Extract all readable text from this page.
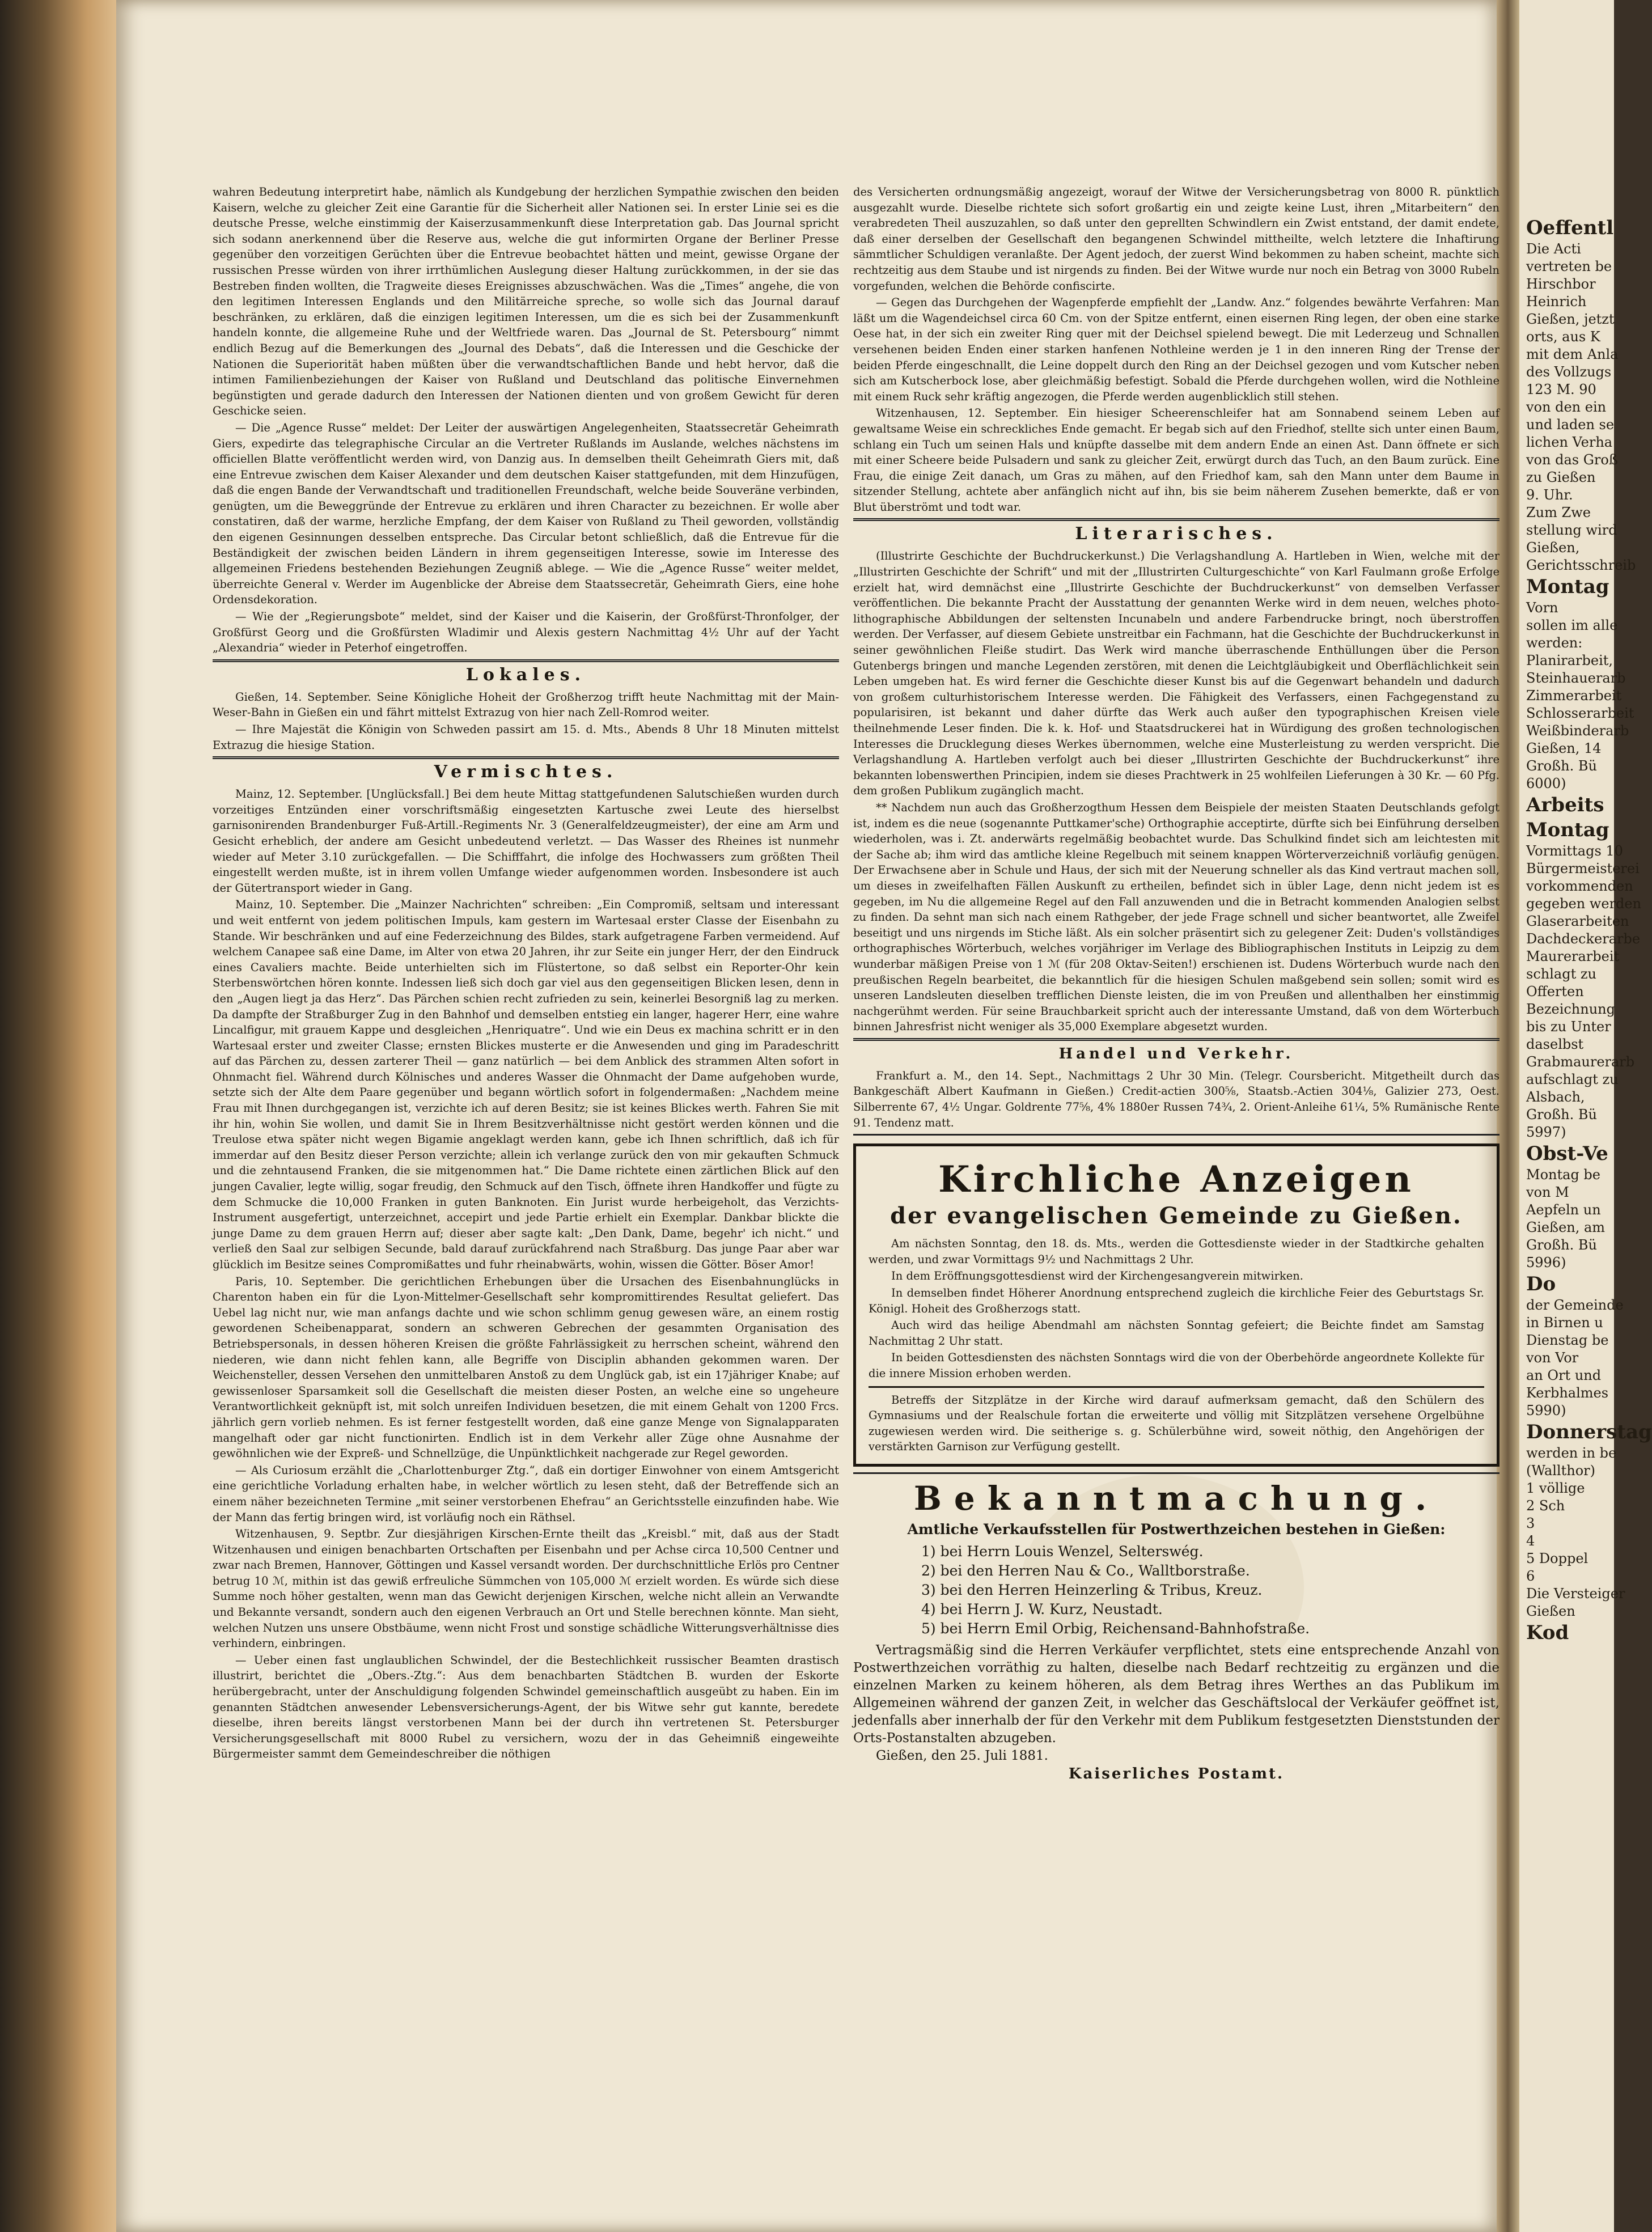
wahren Bedeutung interpretirt habe, nämlich als Kundgebung der herzlichen Sympathie zwischen den beiden Kaisern, welche zu gleicher Zeit eine Garantie für die Sicherheit aller Nationen sei. In erster Linie sei es die deutsche Presse, welche einstimmig der Kaiserzusammenkunft diese Interpretation gab. Das Journal spricht sich sodann anerkennend über die Reserve aus, welche die gut informirten Organe der Berliner Presse gegenüber den vorzeitigen Gerüchten über die Entrevue beobachtet hätten und meint, gewisse Organe der russischen Presse würden von ihrer irrthümlichen Auslegung dieser Haltung zurückkommen, in der sie das Bestreben finden wollten, die Tragweite dieses Ereignisses abzuschwächen. Was die „Times“ angehe, die von den legitimen Interessen Englands und den Militärreiche spreche, so wolle sich das Journal darauf beschränken, zu erklären, daß die einzigen legitimen Interessen, um die es sich bei der Zusammenkunft handeln konnte, die allgemeine Ruhe und der Weltfriede waren. Das „Journal de St. Petersbourg“ nimmt endlich Bezug auf die Bemerkungen des „Journal des Debats“, daß die Interessen und die Geschicke der Nationen die Superiorität haben müßten über die verwandtschaftlichen Bande und hebt hervor, daß die intimen Familienbeziehungen der Kaiser von Rußland und Deutschland das politische Einvernehmen begünstigten und gerade dadurch den Interessen der Nationen dienten und von großem Gewicht für deren Geschicke seien.

— Die „Agence Russe“ meldet: Der Leiter der auswärtigen Angelegenheiten, Staatssecretär Geheimrath Giers, expedirte das telegraphische Circular an die Vertreter Rußlands im Auslande, welches nächstens im officiellen Blatte veröffentlicht werden wird, von Danzig aus. In demselben theilt Geheimrath Giers mit, daß eine Entrevue zwischen dem Kaiser Alexander und dem deutschen Kaiser stattgefunden, mit dem Hinzufügen, daß die engen Bande der Verwandtschaft und traditionellen Freundschaft, welche beide Souveräne verbinden, genügten, um die Beweggründe der Entrevue zu erklären und ihren Character zu bezeichnen. Er wolle aber constatiren, daß der warme, herzliche Empfang, der dem Kaiser von Rußland zu Theil geworden, vollständig den eigenen Gesinnungen desselben entspreche. Das Circular betont schließlich, daß die Entrevue für die Beständigkeit der zwischen beiden Ländern in ihrem gegenseitigen Interesse, sowie im Interesse des allgemeinen Friedens bestehenden Beziehungen Zeugniß ablege. — Wie die „Agence Russe“ weiter meldet, überreichte General v. Werder im Augenblicke der Abreise dem Staatssecretär, Geheimrath Giers, eine hohe Ordensdekoration.

— Wie der „Regierungsbote“ meldet, sind der Kaiser und die Kaiserin, der Großfürst-Thronfolger, der Großfürst Georg und die Großfürsten Wladimir und Alexis gestern Nachmittag 4½ Uhr auf der Yacht „Alexandria“ wieder in Peterhof eingetroffen.

Lokales.

Gießen, 14. September. Seine Königliche Hoheit der Großherzog trifft heute Nachmittag mit der Main-Weser-Bahn in Gießen ein und fährt mittelst Extrazug von hier nach Zell-Romrod weiter.

— Ihre Majestät die Königin von Schweden passirt am 15. d. Mts., Abends 8 Uhr 18 Minuten mittelst Extrazug die hiesige Station.

Vermischtes.

Mainz, 12. September. [Unglücksfall.] Bei dem heute Mittag stattgefundenen Salutschießen wurden durch vorzeitiges Entzünden einer vorschriftsmäßig eingesetzten Kartusche zwei Leute des hierselbst garnisonirenden Brandenburger Fuß-Artill.-Regiments Nr. 3 (Generalfeldzeugmeister), der eine am Arm und Gesicht erheblich, der andere am Gesicht unbedeutend verletzt. — Das Wasser des Rheines ist nunmehr wieder auf Meter 3.10 zurückgefallen. — Die Schifffahrt, die infolge des Hochwassers zum größten Theil eingestellt werden mußte, ist in ihrem vollen Umfange wieder aufgenommen worden. Insbesondere ist auch der Gütertransport wieder in Gang.

Mainz, 10. September. Die „Mainzer Nachrichten“ schreiben: „Ein Compromiß, seltsam und interessant und weit entfernt von jedem politischen Impuls, kam gestern im Wartesaal erster Classe der Eisenbahn zu Stande. Wir beschränken und auf eine Federzeichnung des Bildes, stark aufgetragene Farben vermeidend. Auf welchem Canapee saß eine Dame, im Alter von etwa 20 Jahren, ihr zur Seite ein junger Herr, der den Eindruck eines Cavaliers machte. Beide unterhielten sich im Flüstertone, so daß selbst ein Reporter-Ohr kein Sterbenswörtchen hören konnte. Indessen ließ sich doch gar viel aus den gegenseitigen Blicken lesen, denn in den „Augen liegt ja das Herz“. Das Pärchen schien recht zufrieden zu sein, keinerlei Besorgniß lag zu merken. Da dampfte der Straßburger Zug in den Bahnhof und demselben entstieg ein langer, hagerer Herr, eine wahre Lincalfigur, mit grauem Kappe und desgleichen „Henriquatre“. Und wie ein Deus ex machina schritt er in den Wartesaal erster und zweiter Classe; ernsten Blickes musterte er die Anwesenden und ging im Paradeschritt auf das Pärchen zu, dessen zarterer Theil — ganz natürlich — bei dem Anblick des strammen Alten sofort in Ohnmacht fiel. Während durch Kölnisches und anderes Wasser die Ohnmacht der Dame aufgehoben wurde, setzte sich der Alte dem Paare gegenüber und begann wörtlich sofort in folgendermaßen: „Nachdem meine Frau mit Ihnen durchgegangen ist, verzichte ich auf deren Besitz; sie ist keines Blickes werth. Fahren Sie mit ihr hin, wohin Sie wollen, und damit Sie in Ihrem Besitzverhältnisse nicht gestört werden können und die Treulose etwa später nicht wegen Bigamie angeklagt werden kann, gebe ich Ihnen schriftlich, daß ich für immerdar auf den Besitz dieser Person verzichte; allein ich verlange zurück den von mir gekauften Schmuck und die zehntausend Franken, die sie mitgenommen hat.“ Die Dame richtete einen zärtlichen Blick auf den jungen Cavalier, legte willig, sogar freudig, den Schmuck auf den Tisch, öffnete ihren Handkoffer und fügte zu dem Schmucke die 10,000 Franken in guten Banknoten. Ein Jurist wurde herbeigeholt, das Verzichts-Instrument ausgefertigt, unterzeichnet, accepirt und jede Partie erhielt ein Exemplar. Dankbar blickte die junge Dame zu dem grauen Herrn auf; dieser aber sagte kalt: „Den Dank, Dame, begehr' ich nicht.“ und verließ den Saal zur selbigen Secunde, bald darauf zurückfahrend nach Straßburg. Das junge Paar aber war glücklich im Besitze seines Compromißattes und fuhr rheinabwärts, wohin, wissen die Götter. Böser Amor!

Paris, 10. September. Die gerichtlichen Erhebungen über die Ursachen des Eisenbahnunglücks in Charenton haben ein für die Lyon-Mittelmer-Gesellschaft sehr kompromittirendes Resultat geliefert. Das Uebel lag nicht nur, wie man anfangs dachte und wie schon schlimm genug gewesen wäre, an einem rostig gewordenen Scheibenapparat, sondern an schweren Gebrechen der gesammten Organisation des Betriebspersonals, in dessen höheren Kreisen die größte Fahrlässigkeit zu herrschen scheint, während den niederen, wie dann nicht fehlen kann, alle Begriffe von Disciplin abhanden gekommen waren. Der Weichensteller, dessen Versehen den unmittelbaren Anstoß zu dem Unglück gab, ist ein 17jähriger Knabe; auf gewissenloser Sparsamkeit soll die Gesellschaft die meisten dieser Posten, an welche eine so ungeheure Verantwortlichkeit geknüpft ist, mit solch unreifen Individuen besetzen, die mit einem Gehalt von 1200 Frcs. jährlich gern vorlieb nehmen. Es ist ferner festgestellt worden, daß eine ganze Menge von Signalapparaten mangelhaft oder gar nicht functionirten. Endlich ist in dem Verkehr aller Züge ohne Ausnahme der gewöhnlichen wie der Expreß- und Schnellzüge, die Unpünktlichkeit nachgerade zur Regel geworden.

— Als Curiosum erzählt die „Charlottenburger Ztg.“, daß ein dortiger Einwohner von einem Amtsgericht eine gerichtliche Vorladung erhalten habe, in welcher wörtlich zu lesen steht, daß der Betreffende sich an einem näher bezeichneten Termine „mit seiner verstorbenen Ehefrau“ an Gerichtsstelle einzufinden habe. Wie der Mann das fertig bringen wird, ist vorläufig noch ein Räthsel.

Witzenhausen, 9. Septbr. Zur diesjährigen Kirschen-Ernte theilt das „Kreisbl.“ mit, daß aus der Stadt Witzenhausen und einigen benachbarten Ortschaften per Eisenbahn und per Achse circa 10,500 Centner und zwar nach Bremen, Hannover, Göttingen und Kassel versandt worden. Der durchschnittliche Erlös pro Centner betrug 10 ℳ, mithin ist das gewiß erfreuliche Sümmchen von 105,000 ℳ erzielt worden. Es würde sich diese Summe noch höher gestalten, wenn man das Gewicht derjenigen Kirschen, welche nicht allein an Verwandte und Bekannte versandt, sondern auch den eigenen Verbrauch an Ort und Stelle berechnen könnte. Man sieht, welchen Nutzen uns unsere Obstbäume, wenn nicht Frost und sonstige schädliche Witterungsverhältnisse dies verhindern, einbringen.

— Ueber einen fast unglaublichen Schwindel, der die Bestechlichkeit russischer Beamten drastisch illustrirt, berichtet die „Obers.-Ztg.“: Aus dem benachbarten Städtchen B. wurden der Eskorte herübergebracht, unter der Anschuldigung folgenden Schwindel gemeinschaftlich ausgeübt zu haben. Ein im genannten Städtchen anwesender Lebensversicherungs-Agent, der bis Witwe sehr gut kannte, beredete dieselbe, ihren bereits längst verstorbenen Mann bei der durch ihn vertretenen St. Petersburger Versicherungsgesellschaft mit 8000 Rubel zu versichern, wozu der in das Geheimniß eingeweihte Bürgermeister sammt dem Gemeindeschreiber die nöthigen

des Versicherten ordnungsmäßig angezeigt, worauf der Witwe der Versicherungsbetrag von 8000 R. pünktlich ausgezahlt wurde. Dieselbe richtete sich sofort großartig ein und zeigte keine Lust, ihren „Mitarbeitern“ den verabredeten Theil auszuzahlen, so daß unter den geprellten Schwindlern ein Zwist entstand, der damit endete, daß einer derselben der Gesellschaft den begangenen Schwindel mittheilte, welch letztere die Inhaftirung sämmtlicher Schuldigen veranlaßte. Der Agent jedoch, der zuerst Wind bekommen zu haben scheint, machte sich rechtzeitig aus dem Staube und ist nirgends zu finden. Bei der Witwe wurde nur noch ein Betrag von 3000 Rubeln vorgefunden, welchen die Behörde confiscirte.

— Gegen das Durchgehen der Wagenpferde empfiehlt der „Landw. Anz.“ folgendes bewährte Verfahren: Man läßt um die Wagendeichsel circa 60 Cm. von der Spitze entfernt, einen eisernen Ring legen, der oben eine starke Oese hat, in der sich ein zweiter Ring quer mit der Deichsel spielend bewegt. Die mit Lederzeug und Schnallen versehenen beiden Enden einer starken hanfenen Nothleine werden je 1 in den inneren Ring der Trense der beiden Pferde eingeschnallt, die Leine doppelt durch den Ring an der Deichsel gezogen und vom Kutscher neben sich am Kutscherbock lose, aber gleichmäßig befestigt. Sobald die Pferde durchgehen wollen, wird die Nothleine mit einem Ruck sehr kräftig angezogen, die Pferde werden augenblicklich still stehen.

Witzenhausen, 12. September. Ein hiesiger Scheerenschleifer hat am Sonnabend seinem Leben auf gewaltsame Weise ein schreckliches Ende gemacht. Er begab sich auf den Friedhof, stellte sich unter einen Baum, schlang ein Tuch um seinen Hals und knüpfte dasselbe mit dem andern Ende an einen Ast. Dann öffnete er sich mit einer Scheere beide Pulsadern und sank zu gleicher Zeit, erwürgt durch das Tuch, an den Baum zurück. Eine Frau, die einige Zeit danach, um Gras zu mähen, auf den Friedhof kam, sah den Mann unter dem Baume in sitzender Stellung, achtete aber anfänglich nicht auf ihn, bis sie beim näherem Zusehen bemerkte, daß er von Blut überströmt und todt war.

Literarisches.

(Illustrirte Geschichte der Buchdruckerkunst.) Die Verlagshandlung A. Hartleben in Wien, welche mit der „Illustrirten Geschichte der Schrift“ und mit der „Illustrirten Culturgeschichte“ von Karl Faulmann große Erfolge erzielt hat, wird demnächst eine „Illustrirte Geschichte der Buchdruckerkunst“ von demselben Verfasser veröffentlichen. Die bekannte Pracht der Ausstattung der genannten Werke wird in dem neuen, welches photo-lithographische Abbildungen der seltensten Incunabeln und andere Farbendrucke bringt, noch überstroffen werden. Der Verfasser, auf diesem Gebiete unstreitbar ein Fachmann, hat die Geschichte der Buchdruckerkunst in seiner gewöhnlichen Fleiße studirt. Das Werk wird manche überraschende Enthüllungen über die Person Gutenbergs bringen und manche Legenden zerstören, mit denen die Leichtgläubigkeit und Oberflächlichkeit sein Leben umgeben hat. Es wird ferner die Geschichte dieser Kunst bis auf die Gegenwart behandeln und dadurch von großem culturhistorischem Interesse werden. Die Fähigkeit des Verfassers, einen Fachgegenstand zu popularisiren, ist bekannt und daher dürfte das Werk auch außer den typographischen Kreisen viele theilnehmende Leser finden. Die k. k. Hof- und Staatsdruckerei hat in Würdigung des großen technologischen Interesses die Drucklegung dieses Werkes übernommen, welche eine Musterleistung zu werden verspricht. Die Verlagshandlung A. Hartleben verfolgt auch bei dieser „Illustrirten Geschichte der Buchdruckerkunst“ ihre bekannten lobenswerthen Principien, indem sie dieses Prachtwerk in 25 wohlfeilen Lieferungen à 30 Kr. — 60 Pfg. dem großen Publikum zugänglich macht.

** Nachdem nun auch das Großherzogthum Hessen dem Beispiele der meisten Staaten Deutschlands gefolgt ist, indem es die neue (sogenannte Puttkamer'sche) Orthographie acceptirte, dürfte sich bei Einführung derselben wiederholen, was i. Zt. anderwärts regelmäßig beobachtet wurde. Das Schulkind findet sich am leichtesten mit der Sache ab; ihm wird das amtliche kleine Regelbuch mit seinem knappen Wörterverzeichniß vorläufig genügen. Der Erwachsene aber in Schule und Haus, der sich mit der Neuerung schneller als das Kind vertraut machen soll, um dieses in zweifelhaften Fällen Auskunft zu ertheilen, befindet sich in übler Lage, denn nicht jedem ist es gegeben, im Nu die allgemeine Regel auf den Fall anzuwenden und die in Betracht kommenden Analogien selbst zu finden. Da sehnt man sich nach einem Rathgeber, der jede Frage schnell und sicher beantwortet, alle Zweifel beseitigt und uns nirgends im Stiche läßt. Als ein solcher präsentirt sich zu gelegener Zeit: Duden's vollständiges orthographisches Wörterbuch, welches vorjähriger im Verlage des Bibliographischen Instituts in Leipzig zu dem wunderbar mäßigen Preise von 1 ℳ (für 208 Oktav-Seiten!) erschienen ist. Dudens Wörterbuch wurde nach den preußischen Regeln bearbeitet, die bekanntlich für die hiesigen Schulen maßgebend sein sollen; somit wird es unseren Landsleuten dieselben trefflichen Dienste leisten, die im von Preußen und allenthalben her einstimmig nachgerühmt werden. Für seine Brauchbarkeit spricht auch der interessante Umstand, daß von dem Wörterbuch binnen Jahresfrist nicht weniger als 35,000 Exemplare abgesetzt wurden.

Handel und Verkehr.

Frankfurt a. M., den 14. Sept., Nachmittags 2 Uhr 30 Min. (Telegr. Coursbericht. Mitgetheilt durch das Bankgeschäft Albert Kaufmann in Gießen.) Credit-actien 300⅝, Staatsb.-Actien 304⅛, Galizier 273, Oest. Silberrente 67, 4½ Ungar. Goldrente 77⅝, 4% 1880er Russen 74¾, 2. Orient-Anleihe 61¼, 5% Rumänische Rente 91. Tendenz matt.

Kirchliche Anzeigen
der evangelischen Gemeinde zu Gießen.

Am nächsten Sonntag, den 18. ds. Mts., werden die Gottesdienste wieder in der Stadtkirche gehalten werden, und zwar Vormittags 9½ und Nachmittags 2 Uhr.

In dem Eröffnungsgottesdienst wird der Kirchengesangverein mitwirken.

In demselben findet Höherer Anordnung entsprechend zugleich die kirchliche Feier des Geburtstags Sr. Königl. Hoheit des Großherzogs statt.

Auch wird das heilige Abendmahl am nächsten Sonntag gefeiert; die Beichte findet am Samstag Nachmittag 2 Uhr statt.

In beiden Gottesdiensten des nächsten Sonntags wird die von der Oberbehörde angeordnete Kollekte für die innere Mission erhoben werden.

Betreffs der Sitzplätze in der Kirche wird darauf aufmerksam gemacht, daß den Schülern des Gymnasiums und der Realschule fortan die erweiterte und völlig mit Sitzplätzen versehene Orgelbühne zugewiesen werden wird. Die seitherige s. g. Schülerbühne wird, soweit nöthig, den Angehörigen der verstärkten Garnison zur Verfügung gestellt.

Bekanntmachung.
Amtliche Verkaufsstellen für Postwerthzeichen bestehen in Gießen:
1) bei Herrn Louis Wenzel, Selterswég.
2) bei den Herren Nau & Co., Walltborstraße.
3) bei den Herren Heinzerling & Tribus, Kreuz.
4) bei Herrn J. W. Kurz, Neustadt.
5) bei Herrn Emil Orbig, Reichensand-Bahnhofstraße.

Vertragsmäßig sind die Herren Verkäufer verpflichtet, stets eine entsprechende Anzahl von Postwerthzeichen vorräthig zu halten, dieselbe nach Bedarf rechtzeitig zu ergänzen und die einzelnen Marken zu keinem höheren, als dem Betrag ihres Werthes an das Publikum im Allgemeinen während der ganzen Zeit, in welcher das Geschäftslocal der Verkäufer geöffnet ist, jedenfalls aber innerhalb der für den Verkehr mit dem Publikum festgesetzten Dienststunden der Orts-Postanstalten abzugeben.

Gießen, den 25. Juli 1881.

Kaiserliches Postamt.
Oeffentl
Die Acti
vertreten be
Hirschbor
Heinrich
Gießen, jetzt
orts, aus K
mit dem Anla
des Vollzugs
123 M. 90
von den ein
und laden se
lichen Verha
von das Groß
zu Gießen
9. Uhr.
Zum Zwe
stellung wird
Gießen,
Gerichtsschreib
Montag
Vorn
sollen im alle
werden:
Planirarbeit,
Steinhauerarb
Zimmerarbeit
Schlosserarbeit
Weißbinderarb
Gießen, 14
Großh. Bü
6000)
Arbeits
Montag
Vormittags 10
Bürgermeisterei
vorkommenden
gegeben werden
Glaserarbeiten
Dachdeckerarbe
Maurerarbeit
schlagt zu
Offerten
Bezeichnung
bis zu Unter
daselbst
Grabmaurerarb
aufschlagt zu
Alsbach,
Großh. Bü
5997)
Obst-Ve
Montag be
von M
Aepfeln un
Gießen, am
Großh. Bü
5996)
Do
der Gemeinde
in Birnen u
Dienstag be
von Vor
an Ort und
Kerbhalmes
5990)
Donnerstag
werden in be
(Wallthor)
1 völlige
2 Sch
3
4
5 Doppel
6
Die Versteiger
Gießen
Kod
